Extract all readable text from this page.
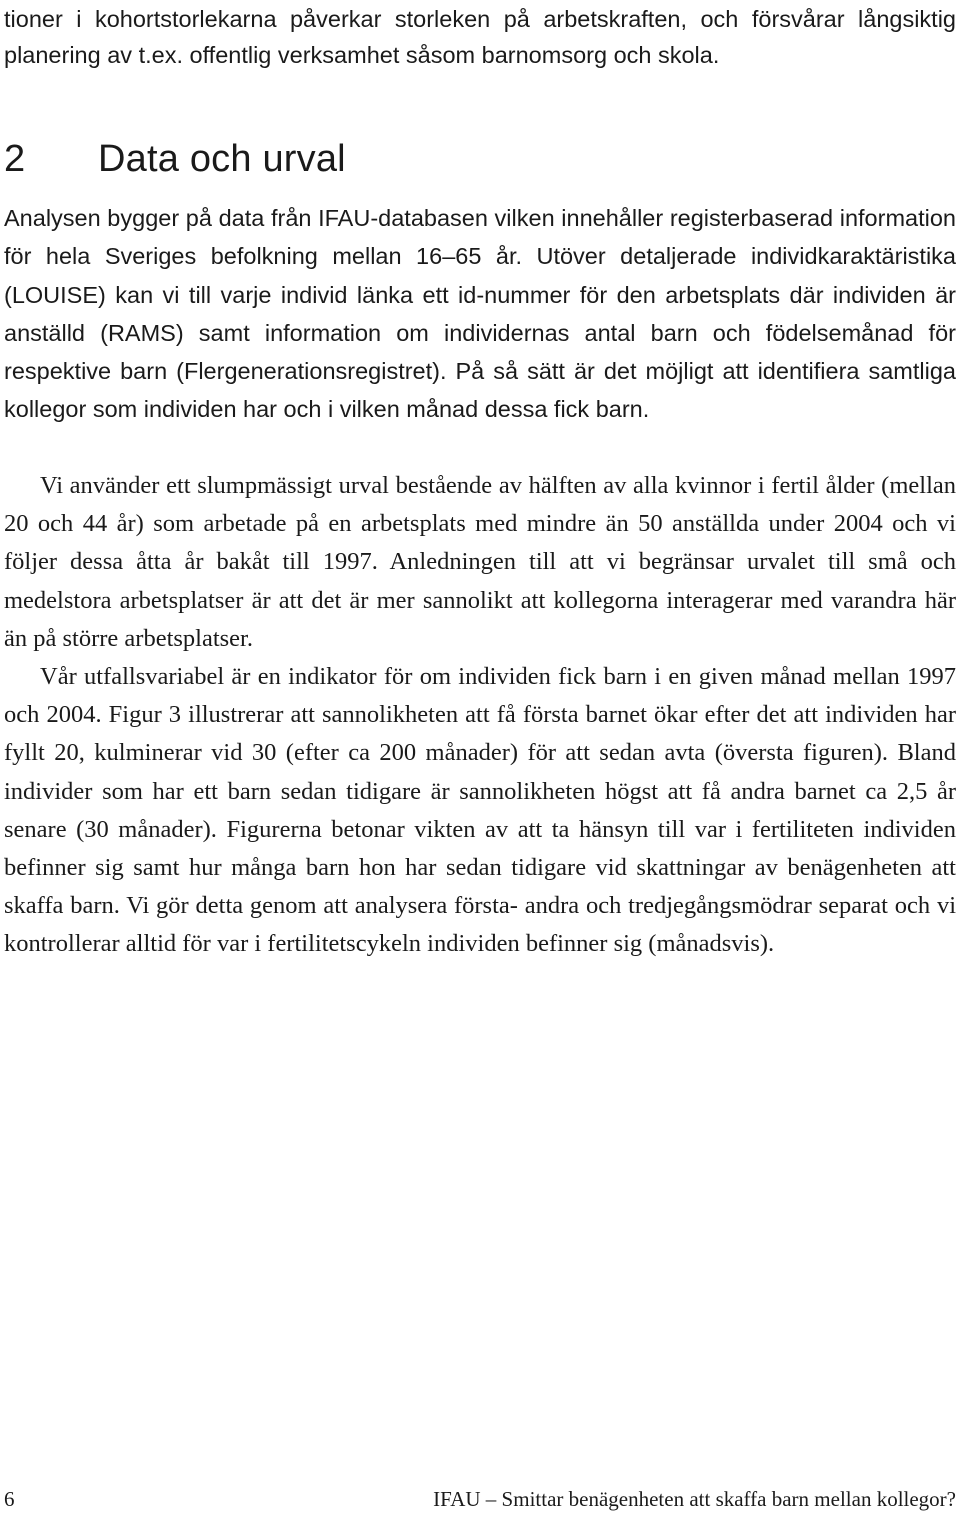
tioner i kohortstorlekarna påverkar storleken på arbetskraften, och försvårar långsiktig planering av t.ex. offentlig verksamhet såsom barnomsorg och skola.

2 Data och urval

Analysen bygger på data från IFAU-databasen vilken innehåller registerbaserad information för hela Sveriges befolkning mellan 16–65 år. Utöver detaljerade individkaraktäristika (LOUISE) kan vi till varje individ länka ett id-nummer för den arbetsplats där individen är anställd (RAMS) samt information om individernas antal barn och födelsemånad för respektive barn (Flergenerationsregistret). På så sätt är det möjligt att identifiera samtliga kollegor som individen har och i vilken månad dessa fick barn.

Vi använder ett slumpmässigt urval bestående av hälften av alla kvinnor i fertil ålder (mellan 20 och 44 år) som arbetade på en arbetsplats med mindre än 50 anställda under 2004 och vi följer dessa åtta år bakåt till 1997. Anledningen till att vi begränsar urvalet till små och medelstora arbetsplatser är att det är mer sannolikt att kollegorna interagerar med varandra här än på större arbetsplatser.

Vår utfallsvariabel är en indikator för om individen fick barn i en given månad mellan 1997 och 2004. Figur 3 illustrerar att sannolikheten att få första barnet ökar efter det att individen har fyllt 20, kulminerar vid 30 (efter ca 200 månader) för att sedan avta (översta figuren). Bland individer som har ett barn sedan tidigare är sannolikheten högst att få andra barnet ca 2,5 år senare (30 månader). Figurerna betonar vikten av att ta hänsyn till var i fertiliteten individen befinner sig samt hur många barn hon har sedan tidigare vid skattningar av benägenheten att skaffa barn. Vi gör detta genom att analysera första- andra och tredjegångsmödrar separat och vi kontrollerar alltid för var i fertilitetscykeln individen befinner sig (månadsvis).

6	IFAU – Smittar benägenheten att skaffa barn mellan kollegor?
